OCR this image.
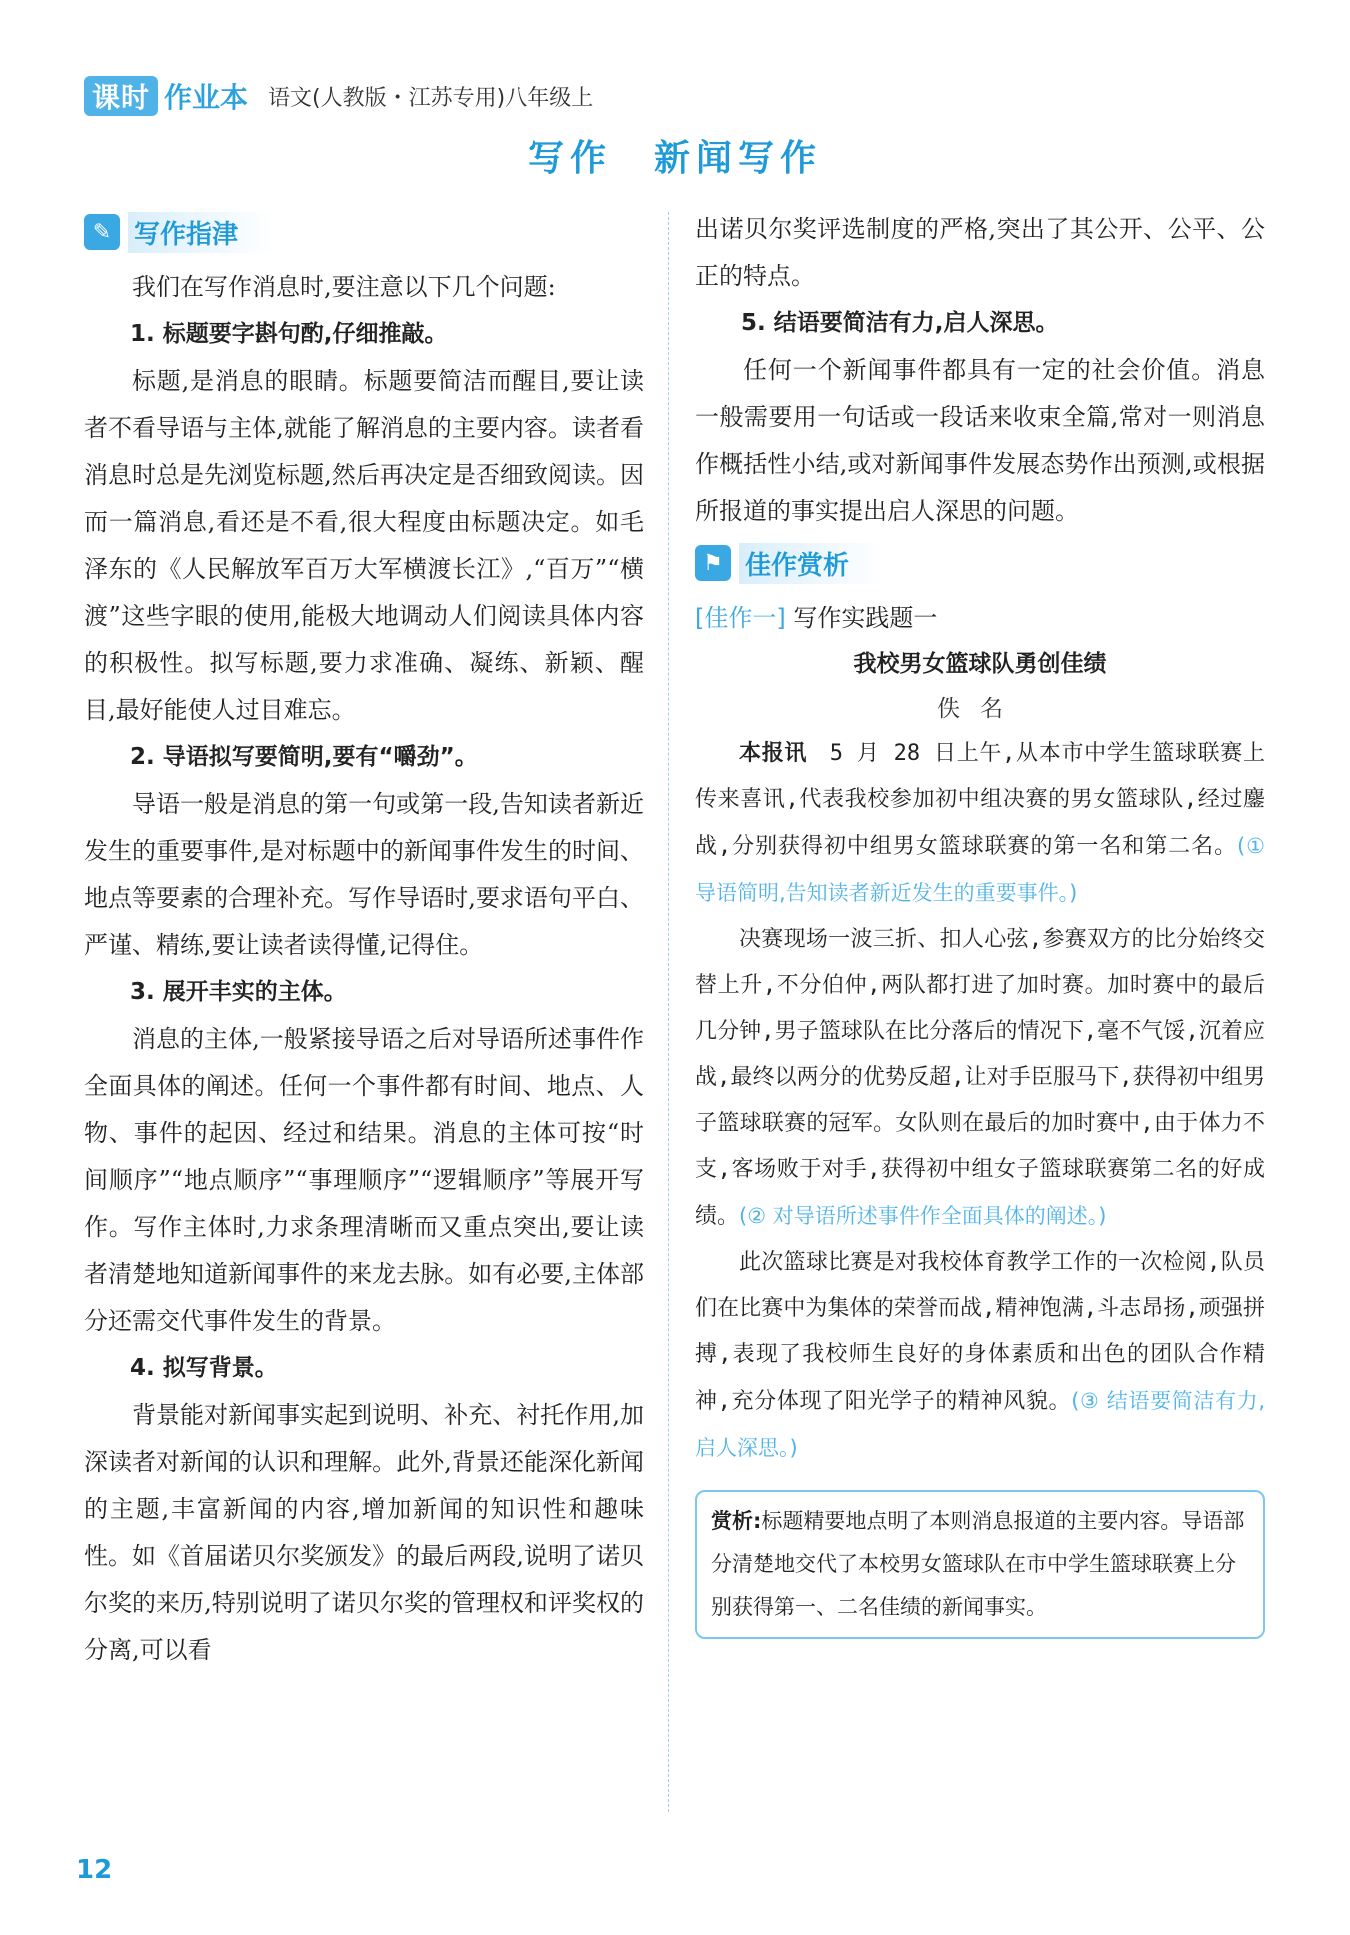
课时 作业本 语文(人教版・江苏专用)八年级上
写作　新闻写作
✎ 写作指津

我们在写作消息时,要注意以下几个问题:

1. 标题要字斟句酌,仔细推敲。

标题,是消息的眼睛。标题要简洁而醒目,要让读者不看导语与主体,就能了解消息的主要内容。读者看消息时总是先浏览标题,然后再决定是否细致阅读。因而一篇消息,看还是不看,很大程度由标题决定。如毛泽东的《人民解放军百万大军横渡长江》,“百万”“横渡”这些字眼的使用,能极大地调动人们阅读具体内容的积极性。拟写标题,要力求准确、凝练、新颖、醒目,最好能使人过目难忘。

2. 导语拟写要简明,要有“嚼劲”。

导语一般是消息的第一句或第一段,告知读者新近发生的重要事件,是对标题中的新闻事件发生的时间、地点等要素的合理补充。写作导语时,要求语句平白、严谨、精练,要让读者读得懂,记得住。

3. 展开丰实的主体。

消息的主体,一般紧接导语之后对导语所述事件作全面具体的阐述。任何一个事件都有时间、地点、人物、事件的起因、经过和结果。消息的主体可按“时间顺序”“地点顺序”“事理顺序”“逻辑顺序”等展开写作。写作主体时,力求条理清晰而又重点突出,要让读者清楚地知道新闻事件的来龙去脉。如有必要,主体部分还需交代事件发生的背景。

4. 拟写背景。

背景能对新闻事实起到说明、补充、衬托作用,加深读者对新闻的认识和理解。此外,背景还能深化新闻的主题,丰富新闻的内容,增加新闻的知识性和趣味性。如《首届诺贝尔奖颁发》的最后两段,说明了诺贝尔奖的来历,特别说明了诺贝尔奖的管理权和评奖权的分离,可以看

出诺贝尔奖评选制度的严格,突出了其公开、公平、公正的特点。

5. 结语要简洁有力,启人深思。

任何一个新闻事件都具有一定的社会价值。消息一般需要用一句话或一段话来收束全篇,常对一则消息作概括性小结,或对新闻事件发展态势作出预测,或根据所报道的事实提出启人深思的问题。

⚑ 佳作赏析
[佳作一] 写作实践题一
我校男女篮球队勇创佳绩
佚名

本报讯　5 月 28 日上午,从本市中学生篮球联赛上传来喜讯,代表我校参加初中组决赛的男女篮球队,经过鏖战,分别获得初中组男女篮球联赛的第一名和第二名。(① 导语简明,告知读者新近发生的重要事件。)

决赛现场一波三折、扣人心弦,参赛双方的比分始终交替上升,不分伯仲,两队都打进了加时赛。加时赛中的最后几分钟,男子篮球队在比分落后的情况下,毫不气馁,沉着应战,最终以两分的优势反超,让对手臣服马下,获得初中组男子篮球联赛的冠军。女队则在最后的加时赛中,由于体力不支,客场败于对手,获得初中组女子篮球联赛第二名的好成绩。(② 对导语所述事件作全面具体的阐述。)

此次篮球比赛是对我校体育教学工作的一次检阅,队员们在比赛中为集体的荣誉而战,精神饱满,斗志昂扬,顽强拼搏,表现了我校师生良好的身体素质和出色的团队合作精神,充分体现了阳光学子的精神风貌。(③ 结语要简洁有力,启人深思。)

赏析:标题精要地点明了本则消息报道的主要内容。导语部分清楚地交代了本校男女篮球队在市中学生篮球联赛上分别获得第一、二名佳绩的新闻事实。

12
